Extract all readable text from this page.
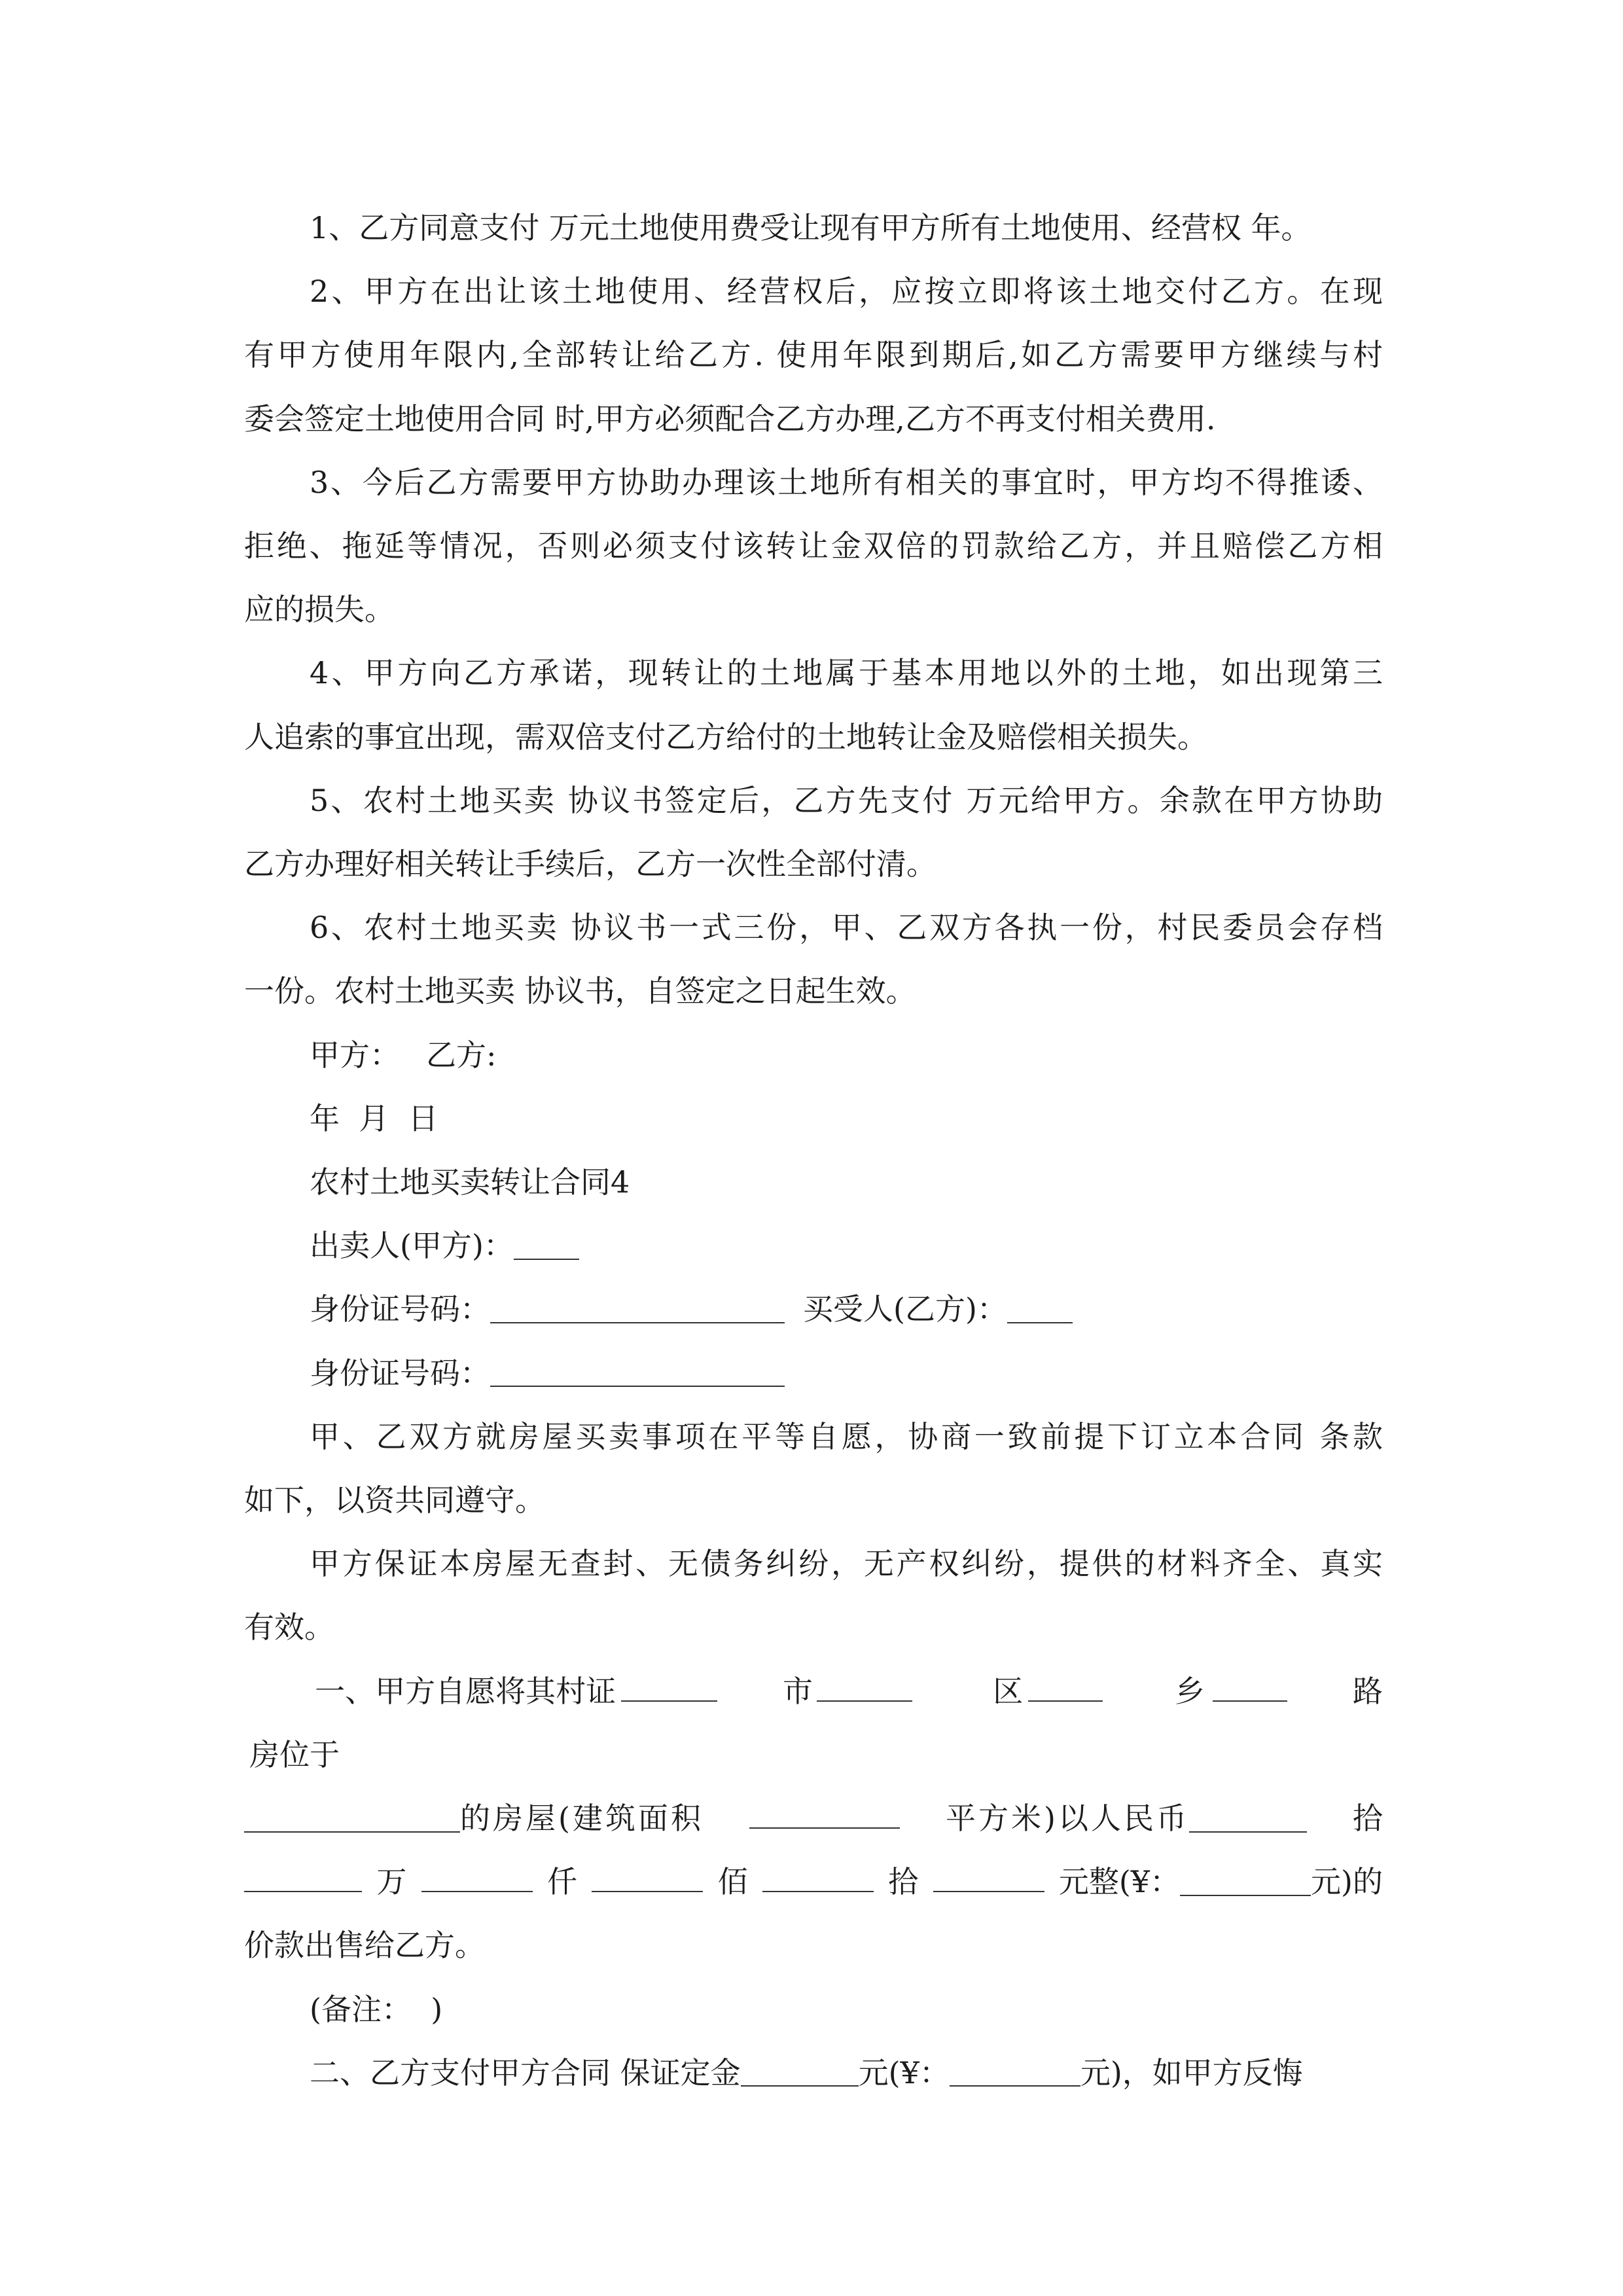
1、乙方同意支付 万元土地使用费受让现有甲方所有土地使用、经营权 年。

2、甲方在出让该土地使用、经营权后，应按立即将该土地交付乙方。在现

有甲方使用年限内,全部转让给乙方. 使用年限到期后,如乙方需要甲方继续与村

委会签定土地使用合同 时,甲方必须配合乙方办理,乙方不再支付相关费用.

3、今后乙方需要甲方协助办理该土地所有相关的事宜时，甲方均不得推诿、

拒绝、拖延等情况，否则必须支付该转让金双倍的罚款给乙方，并且赔偿乙方相

应的损失。

4、甲方向乙方承诺，现转让的土地属于基本用地以外的土地，如出现第三

人追索的事宜出现，需双倍支付乙方给付的土地转让金及赔偿相关损失。

5、农村土地买卖 协议书签定后，乙方先支付 万元给甲方。余款在甲方协助

乙方办理好相关转让手续后，乙方一次性全部付清。

6、农村土地买卖 协议书一式三份，甲、乙双方各执一份，村民委员会存档

一份。农村土地买卖 协议书，自签定之日起生效。

甲方： 乙方:

年  月  日

农村土地买卖转让合同4

出卖人(甲方)：

身份证号码：	买受人(乙方)：

身份证号码：

甲、乙双方就房屋买卖事项在平等自愿，协商一致前提下订立本合同 条款

如下，以资共同遵守。

甲方保证本房屋无查封、无债务纠纷，无产权纠纷，提供的材料齐全、真实

有效。

一、甲方自愿将其村证房位于
市	区	乡	路

的房屋(建筑面积	平方米)以人民币	拾

万	仟	佰	拾	元整(¥：	元)的

价款出售给乙方。

(备注：  )

二、乙方支付甲方合同 保证定金	元(¥：	元)，如甲方反悔
